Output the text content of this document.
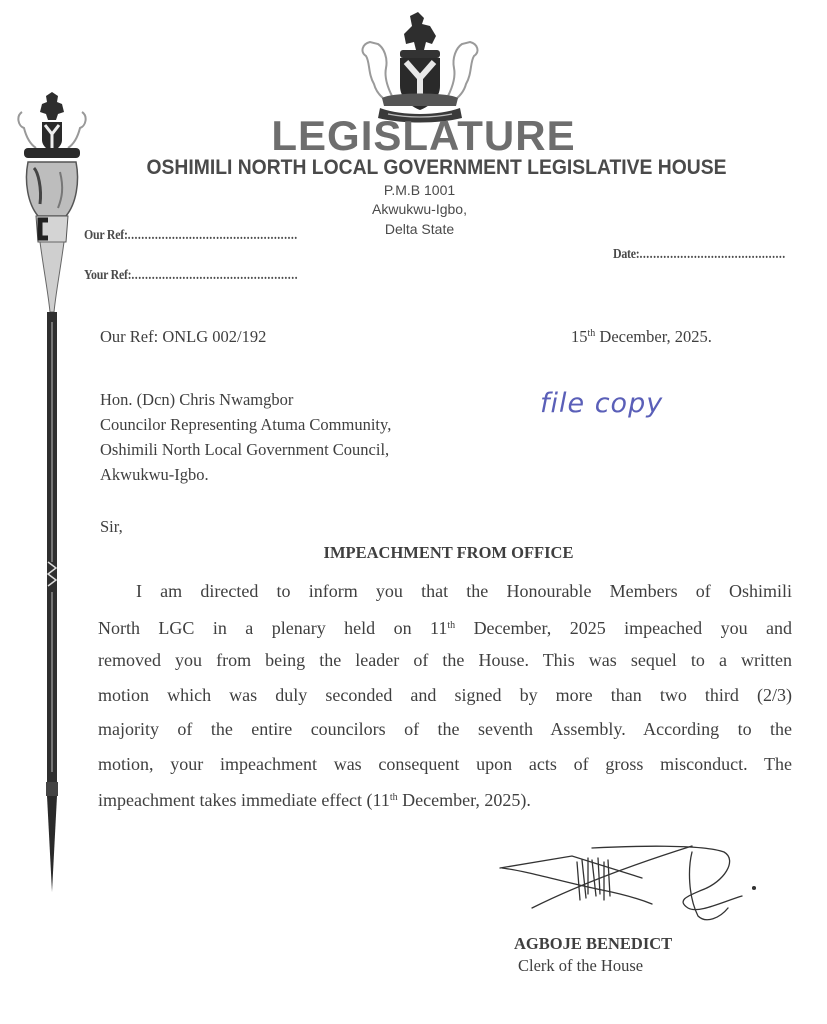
LEGISLATURE
OSHIMILI NORTH LOCAL GOVERNMENT LEGISLATIVE HOUSE
P.M.B 1001
Akwukwu-Igbo,
Delta State
Our Ref:..................................................
Your Ref:.................................................
Date:...........................................
Our Ref: ONLG 002/192	15th December, 2025.
Hon. (Dcn) Chris Nwamgbor
Councilor Representing Atuma Community,
Oshimili North Local Government Council,
Akwukwu-Igbo.
file copy
Sir,
IMPEACHMENT FROM OFFICE
I am directed to inform you that the Honourable Members of Oshimili
North LGC in a plenary held on 11th December, 2025 impeached you and
removed you from being the leader of the House. This was sequel to a written
motion which was duly seconded and signed by more than two third (2/3)
majority of the entire councilors of the seventh Assembly. According to the
motion, your impeachment was consequent upon acts of gross misconduct. The
impeachment takes immediate effect (11th December, 2025).
AGBOJE BENEDICT
Clerk of the House
